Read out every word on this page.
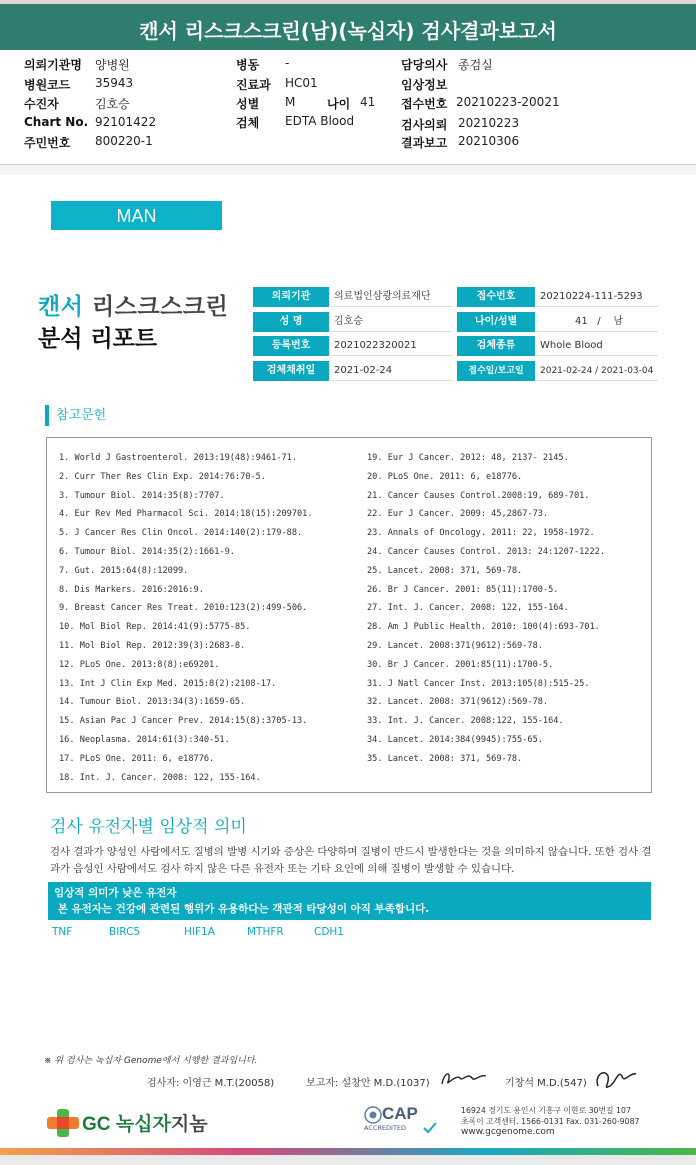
캔서 리스크스크린(남)(녹십자) 검사결과보고서
의뢰기관명 양병원
병원코드 35943
수진자	김호승
Chart No. 92101422
주민번호 800220-1
병동 -
진료과 HC01
성별 M	나이 41
검체 EDTA Blood
담당의사 종검실
임상정보
접수번호 20210223-20021
검사의뢰 20210223
결과보고 20210306
MAN
캔서 리스크스크린
분석 리포트
의뢰기관	의료법인삼광의료재단	접수번호	20210224-111-5293
성 명	김호승	나이/성별	41   /    남
등록번호	2021022320021	검체종류	Whole Blood
검체채취일	2021-02-24	접수일/보고일	2021-02-24 / 2021-03-04
참고문헌
1. World J Gastroenterol. 2013:19(48):9461-71.
2. Curr Ther Res Clin Exp. 2014:76:70-5.
3. Tumour Biol. 2014:35(8):7707.
4. Eur Rev Med Pharmacol Sci. 2014:18(15):209701.
5. J Cancer Res Clin Oncol. 2014:140(2):179-88.
6. Tumour Biol. 2014:35(2):1661-9.
7. Gut. 2015:64(8):12099.
8. Dis Markers. 2016:2016:9.
9. Breast Cancer Res Treat. 2010:123(2):499-506.
10. Mol Biol Rep. 2014:41(9):5775-85.
11. Mol Biol Rep. 2012:39(3):2683-8.
12. PLoS One. 2013:8(8):e69201.
13. Int J Clin Exp Med. 2015:8(2):2108-17.
14. Tumour Biol. 2013:34(3):1659-65.
15. Asian Pac J Cancer Prev. 2014:15(8):3705-13.
16. Neoplasma. 2014:61(3):340-51.
17. PLoS One. 2011: 6, e18776.
18. Int. J. Cancer. 2008: 122, 155-164.
19. Eur J Cancer. 2012: 48, 2137- 2145.
20. PLoS One. 2011: 6, e18776.
21. Cancer Causes Control.2008:19, 689-701.
22. Eur J Cancer. 2009: 45,2867-73.
23. Annals of Oncology. 2011: 22, 1958-1972.
24. Cancer Causes Control. 2013: 24:1207-1222.
25. Lancet. 2008: 371, 569-78.
26. Br J Cancer. 2001: 85(11):1700-5.
27. Int. J. Cancer. 2008: 122, 155-164.
28. Am J Public Health. 2010: 100(4):693-701.
29. Lancet. 2008:371(9612):569-78.
30. Br J Cancer. 2001:85(11):1700-5.
31. J Natl Cancer Inst. 2013:105(8):515-25.
32. Lancet. 2008: 371(9612):569-78.
33. Int. J. Cancer. 2008:122, 155-164.
34. Lancet. 2014:384(9945):755-65.
35. Lancet. 2008: 371, 569-78.
검사 유전자별 임상적 의미
검사 결과가 양성인 사람에서도 질병의 발병 시기와 증상은 다양하며 질병이 반드시 발생한다는 것을 의미하지 않습니다. 또한 검사 결과가 음성인 사람에서도 검사 하지 않은 다른 유전자 또는 기타 요인에 의해 질병이 발생할 수 있습니다.
임상적 의미가 낮은 유전자
본 유전자는 건강에 관련된 행위가 유용하다는 객관적 타당성이 아직 부족합니다.
TNF	BIRC5	HIF1A	MTHFR	CDH1
※ 위 검사는 녹십자 Genome에서 시행한 결과입니다.
검사자: 이영근 M.T.(20058)	보고자: 설창안 M.D.(1037)	기창석 M.D.(547)
GC 녹십자지놈
CAP
ACCREDITED
16924 경기도 용인시 기흥구 이현로 30번길 107
초록이 고객센터. 1566-0131 Fax. 031-260-9087
www.gcgenome.com
